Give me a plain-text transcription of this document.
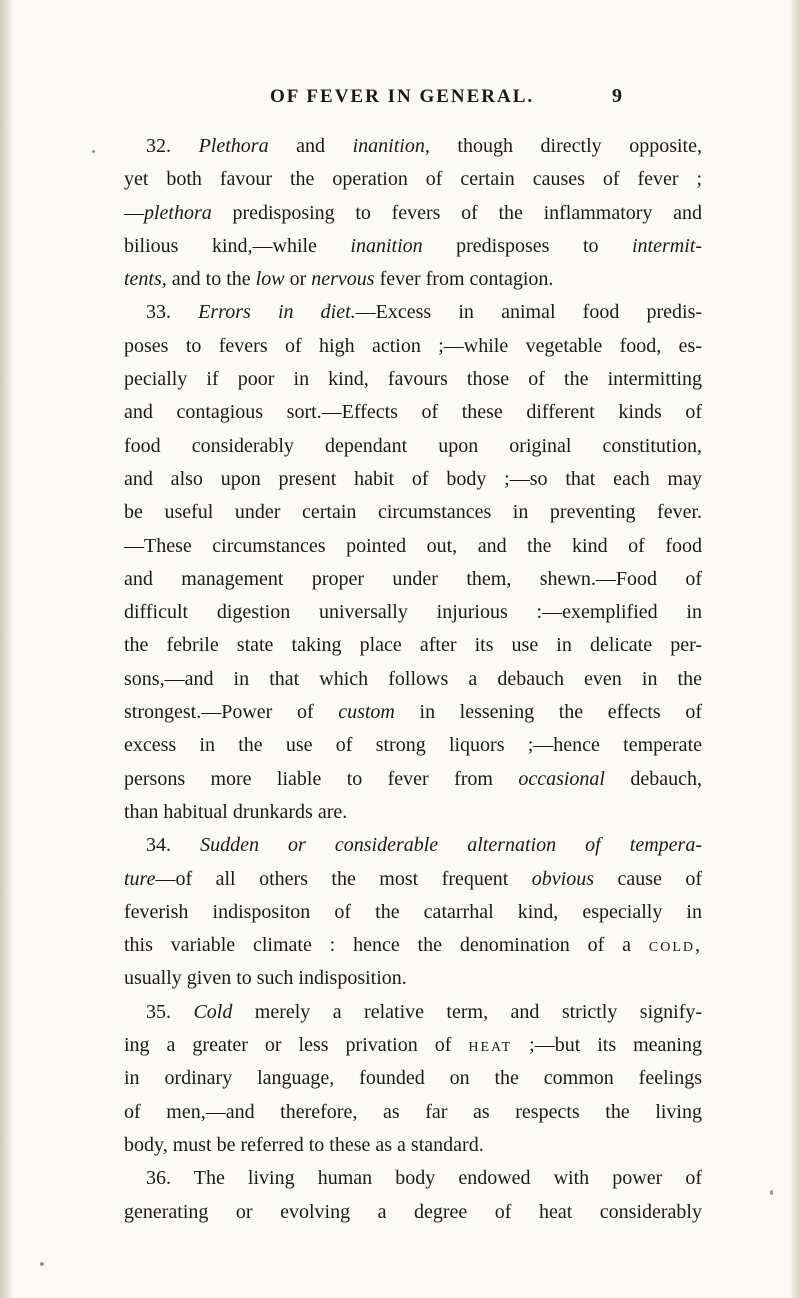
OF FEVER IN GENERAL.	9
32. Plethora and inanition, though directly opposite,
yet both favour the operation of certain causes of fever ;
—plethora predisposing to fevers of the inflammatory and
bilious kind,—while inanition predisposes to intermit-
tents, and to the low or nervous fever from contagion.
33. Errors in diet.—Excess in animal food predis-
poses to fevers of high action ;—while vegetable food, es-
pecially if poor in kind, favours those of the intermitting
and contagious sort.—Effects of these different kinds of
food considerably dependant upon original constitution,
and also upon present habit of body ;—so that each may
be useful under certain circumstances in preventing fever.
—These circumstances pointed out, and the kind of food
and management proper under them, shewn.—Food of
difficult digestion universally injurious :—exemplified in
the febrile state taking place after its use in delicate per-
sons,—and in that which follows a debauch even in the
strongest.—Power of custom in lessening the effects of
excess in the use of strong liquors ;—hence temperate
persons more liable to fever from occasional debauch,
than habitual drunkards are.
34. Sudden or considerable alternation of tempera-
ture—of all others the most frequent obvious cause of
feverish indispositon of the catarrhal kind, especially in
this variable climate : hence the denomination of a cold,
usually given to such indisposition.
35. Cold merely a relative term, and strictly signify-
ing a greater or less privation of heat ;—but its meaning
in ordinary language, founded on the common feelings
of men,—and therefore, as far as respects the living
body, must be referred to these as a standard.
36. The living human body endowed with power of
generating or evolving a degree of heat considerably
